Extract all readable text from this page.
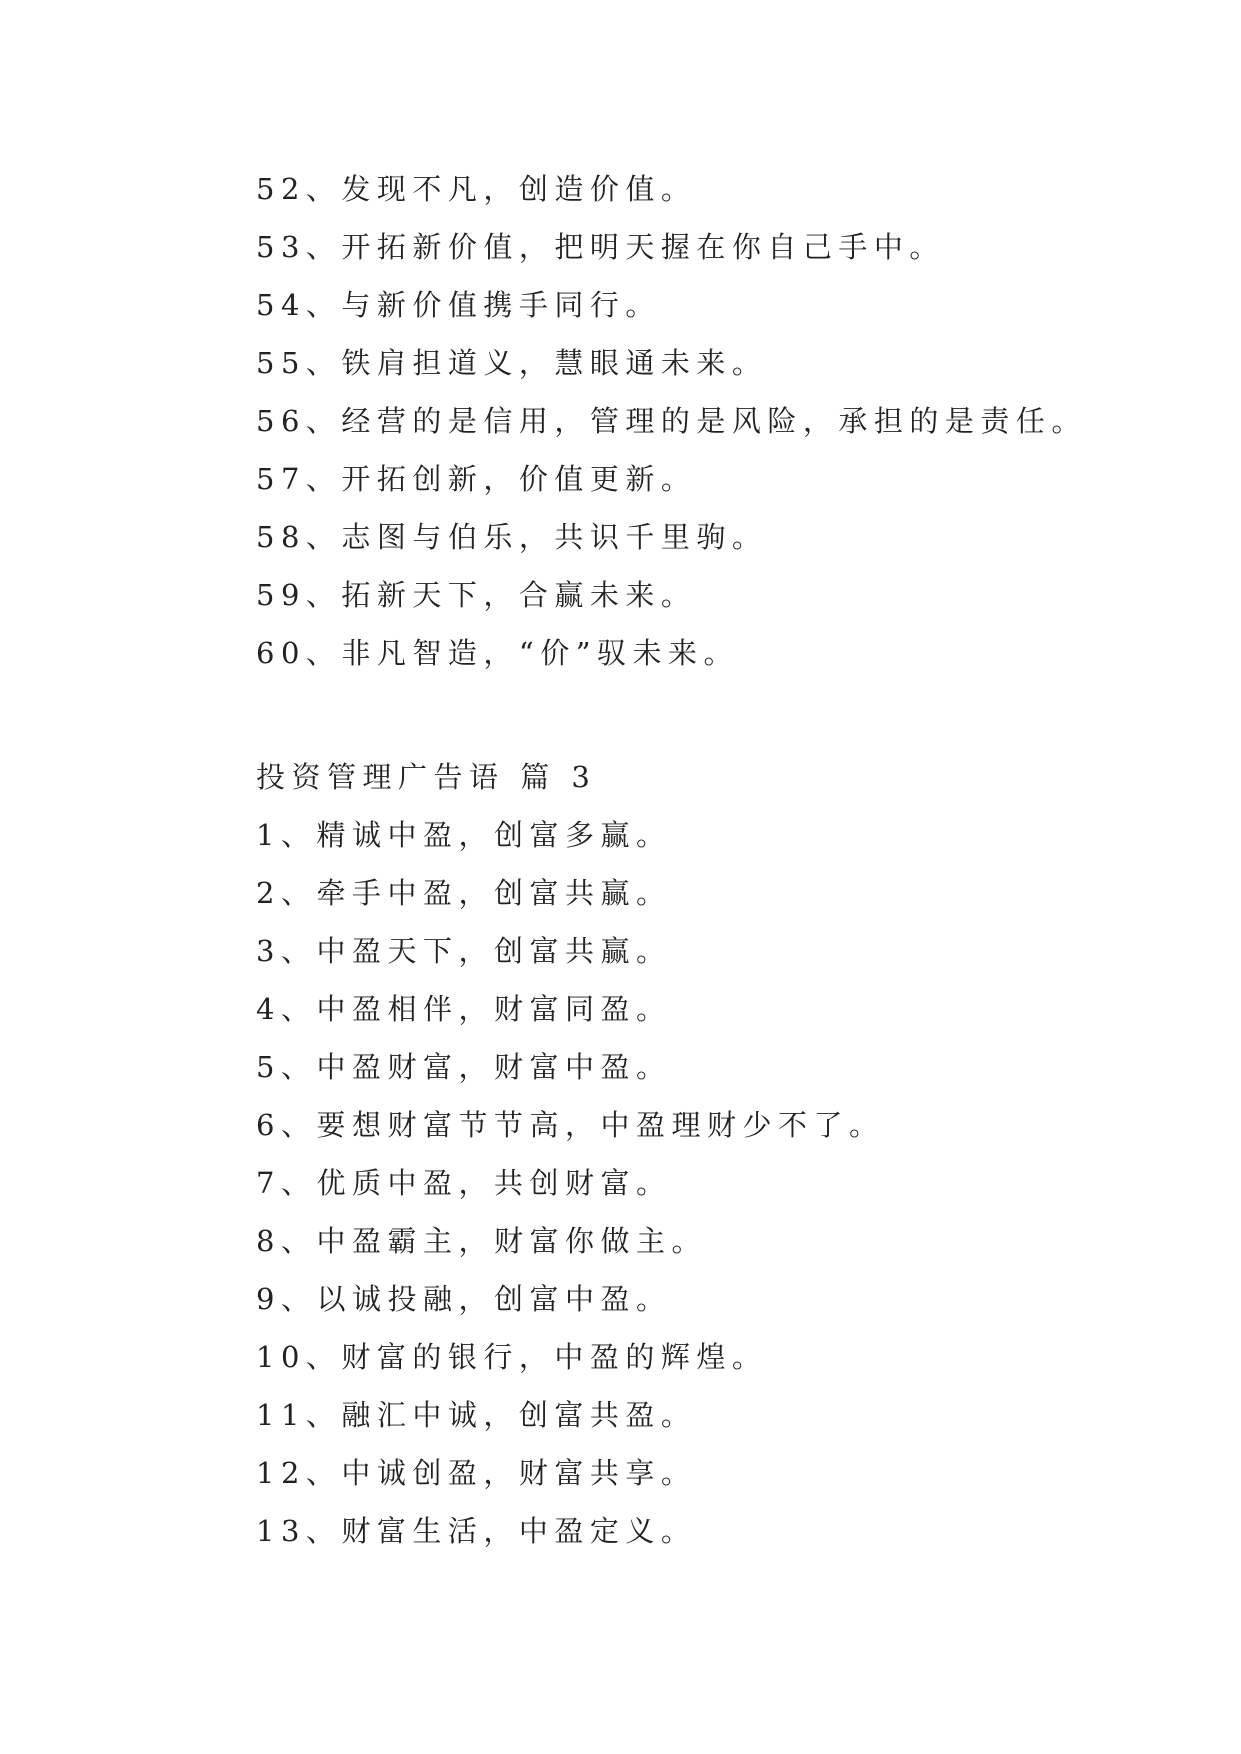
52、发现不凡，创造价值。
53、开拓新价值，把明天握在你自己手中。
54、与新价值携手同行。
55、铁肩担道义，慧眼通未来。
56、经营的是信用，管理的是风险，承担的是责任。
57、开拓创新，价值更新。
58、志图与伯乐，共识千里驹。
59、拓新天下，合赢未来。
60、非凡智造，“价”驭未来。
投资管理广告语 篇 3
1、精诚中盈，创富多赢。
2、牵手中盈，创富共赢。
3、中盈天下，创富共赢。
4、中盈相伴，财富同盈。
5、中盈财富，财富中盈。
6、要想财富节节高，中盈理财少不了。
7、优质中盈，共创财富。
8、中盈霸主，财富你做主。
9、以诚投融，创富中盈。
10、财富的银行，中盈的辉煌。
11、融汇中诚，创富共盈。
12、中诚创盈，财富共享。
13、财富生活，中盈定义。
